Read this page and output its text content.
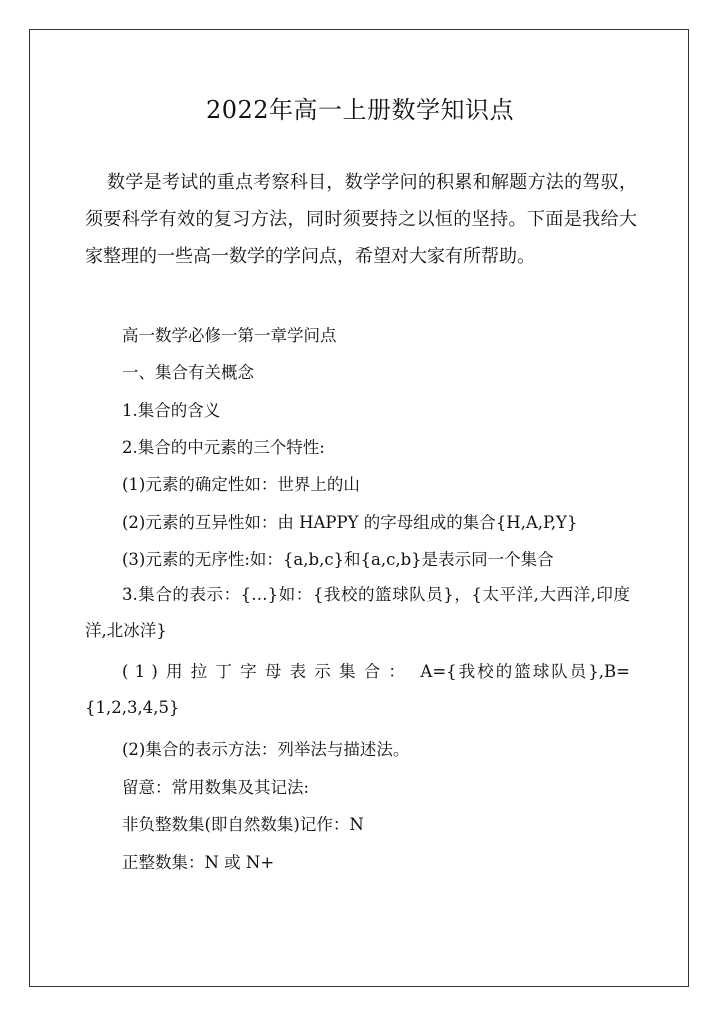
2022年高一上册数学知识点

数学是考试的重点考察科目，数学学问的积累和解题方法的驾驭，须要科学有效的复习方法，同时须要持之以恒的坚持。下面是我给大家整理的一些高一数学的学问点，希望对大家有所帮助。

高一数学必修一第一章学问点
一、集合有关概念
1.集合的含义
2.集合的中元素的三个特性:
(1)元素的确定性如：世界上的山
(2)元素的互异性如：由 HAPPY 的字母组成的集合{H,A,P,Y}
(3)元素的无序性:如：{a,b,c}和{a,c,b}是表示同一个集合

3.集合的表示：{…}如：{我校的篮球队员}，{太平洋,大西洋,印度洋,北冰洋}

(1)用拉丁字母表示集合： A={我校的篮球队员},B={1,2,3,4,5}

(2)集合的表示方法：列举法与描述法。
留意：常用数集及其记法:
非负整数集(即自然数集)记作：N
正整数集：N 或 N+
